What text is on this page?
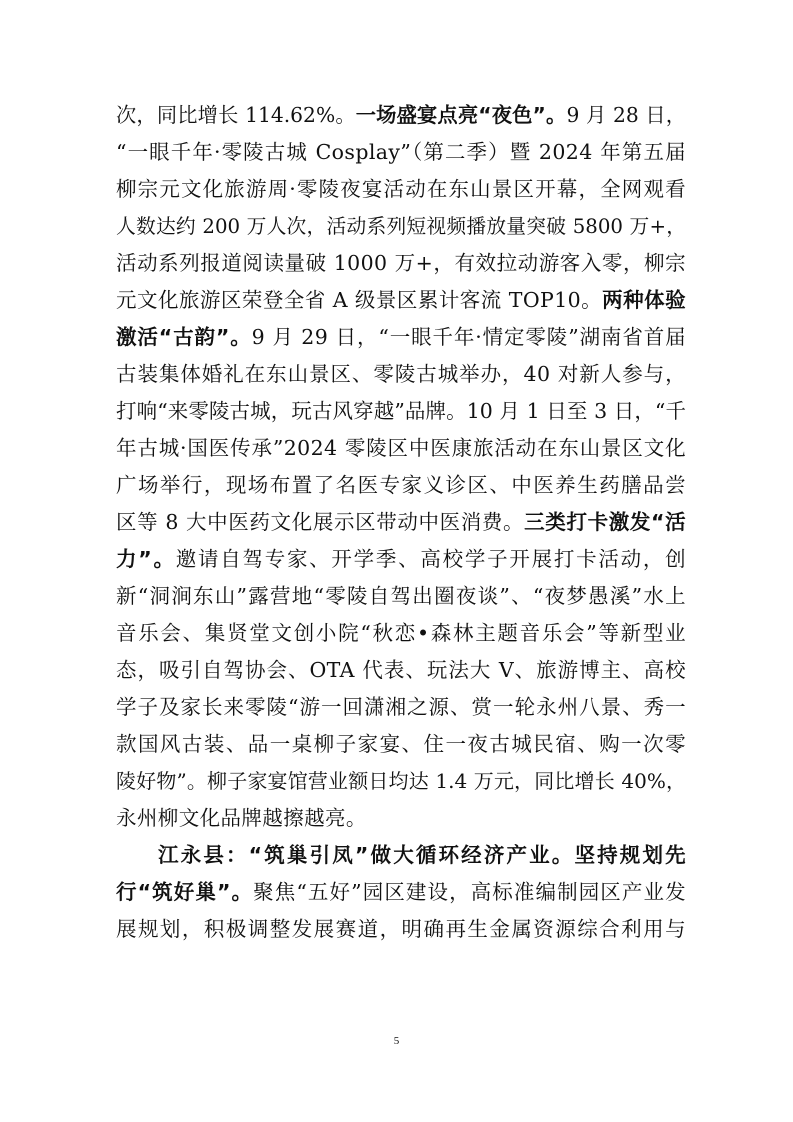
次，同比增长 114.62%。一场盛宴点亮“夜色”。9 月 28 日，
“一眼千年·零陵古城 Cosplay”（第二季）暨 2024 年第五届
柳宗元文化旅游周·零陵夜宴活动在东山景区开幕，全网观看
人数达约 200 万人次，活动系列短视频播放量突破 5800 万+，
活动系列报道阅读量破 1000 万+，有效拉动游客入零，柳宗
元文化旅游区荣登全省 A 级景区累计客流 TOP10。两种体验
激活“古韵”。9 月 29 日，“一眼千年·情定零陵”湖南省首届
古装集体婚礼在东山景区、零陵古城举办，40 对新人参与，
打响“来零陵古城，玩古风穿越”品牌。10 月 1 日至 3 日，“千
年古城·国医传承”2024 零陵区中医康旅活动在东山景区文化
广场举行，现场布置了名医专家义诊区、中医养生药膳品尝
区等 8 大中医药文化展示区带动中医消费。三类打卡激发“活
力”。邀请自驾专家、开学季、高校学子开展打卡活动，创
新“洞涧东山”露营地“零陵自驾出圈夜谈”、“夜梦愚溪”水上
音乐会、集贤堂文创小院“秋恋•森林主题音乐会”等新型业
态，吸引自驾协会、OTA 代表、玩法大 V、旅游博主、高校
学子及家长来零陵“游一回潇湘之源、赏一轮永州八景、秀一
款国风古装、品一桌柳子家宴、住一夜古城民宿、购一次零
陵好物”。柳子家宴馆营业额日均达 1.4 万元，同比增长 40%，
永州柳文化品牌越擦越亮。
江永县：“筑巢引凤”做大循环经济产业。坚持规划先
行“筑好巢”。聚焦“五好”园区建设，高标准编制园区产业发
展规划，积极调整发展赛道，明确再生金属资源综合利用与
5
